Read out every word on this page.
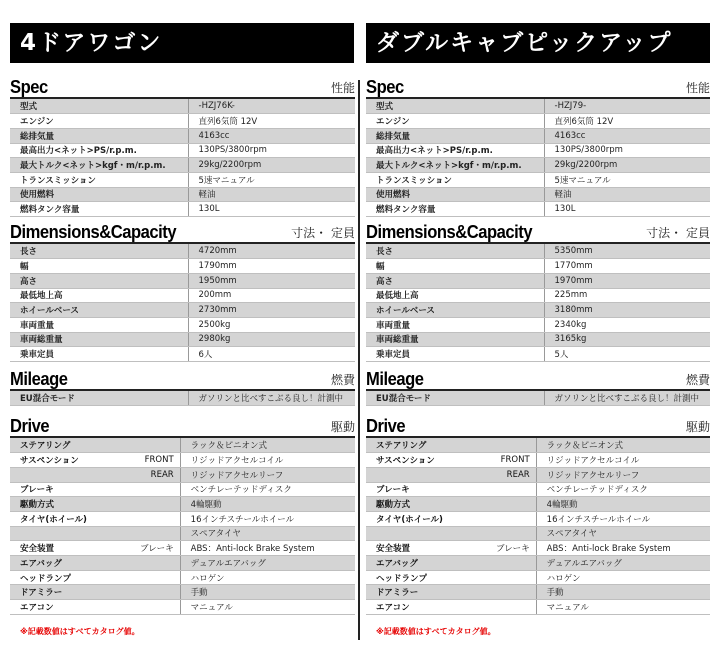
4ドアワゴン
Spec	性能
型式	-HZJ76K-
エンジン	直列6気筒 12V
総排気量	4163cc
最高出力<ネット>PS/r.p.m.	130PS/3800rpm
最大トルク<ネット>kgf・m/r.p.m.	29kg/2200rpm
トランスミッション	5速マニュアル
使用燃料	軽油
燃料タンク容量	130L
Dimensions&Capacity	寸法・ 定員
長さ	4720mm
幅	1790mm
高さ	1950mm
最低地上高	200mm
ホイールベース	2730mm
車両重量	2500kg
車両総重量	2980kg
乗車定員	6人
Mileage	燃費
EU混合モード	ガソリンと比べすこぶる良し！計測中
Drive	駆動
ステアリング		ラック＆ピニオン式
サスペンション	FRONT	リジッドアクセルコイル
	REAR	リジッドアクセルリーフ
ブレーキ		ベンチレーテッドディスク
駆動方式		4輪駆動
タイヤ(ホイール)		16インチスチールホイール
		スペアタイヤ
安全装置	ブレーキ	ABS：Anti-lock Brake System
エアバッグ		デュアルエアバッグ
ヘッドランプ		ハロゲン
ドアミラー		手動
エアコン		マニュアル
※記載数値はすべてカタログ値。
ダブルキャブピックアップ
Spec	性能
型式	-HZJ79-
エンジン	直列6気筒 12V
総排気量	4163cc
最高出力<ネット>PS/r.p.m.	130PS/3800rpm
最大トルク<ネット>kgf・m/r.p.m.	29kg/2200rpm
トランスミッション	5速マニュアル
使用燃料	軽油
燃料タンク容量	130L
Dimensions&Capacity	寸法・ 定員
長さ	5350mm
幅	1770mm
高さ	1970mm
最低地上高	225mm
ホイールベース	3180mm
車両重量	2340kg
車両総重量	3165kg
乗車定員	5人
Mileage	燃費
EU混合モード	ガソリンと比べすこぶる良し！計測中
Drive	駆動
ステアリング		ラック＆ピニオン式
サスペンション	FRONT	リジッドアクセルコイル
	REAR	リジッドアクセルリーフ
ブレーキ		ベンチレーテッドディスク
駆動方式		4輪駆動
タイヤ(ホイール)		16インチスチールホイール
		スペアタイヤ
安全装置	ブレーキ	ABS：Anti-lock Brake System
エアバッグ		デュアルエアバッグ
ヘッドランプ		ハロゲン
ドアミラー		手動
エアコン		マニュアル
※記載数値はすべてカタログ値。
